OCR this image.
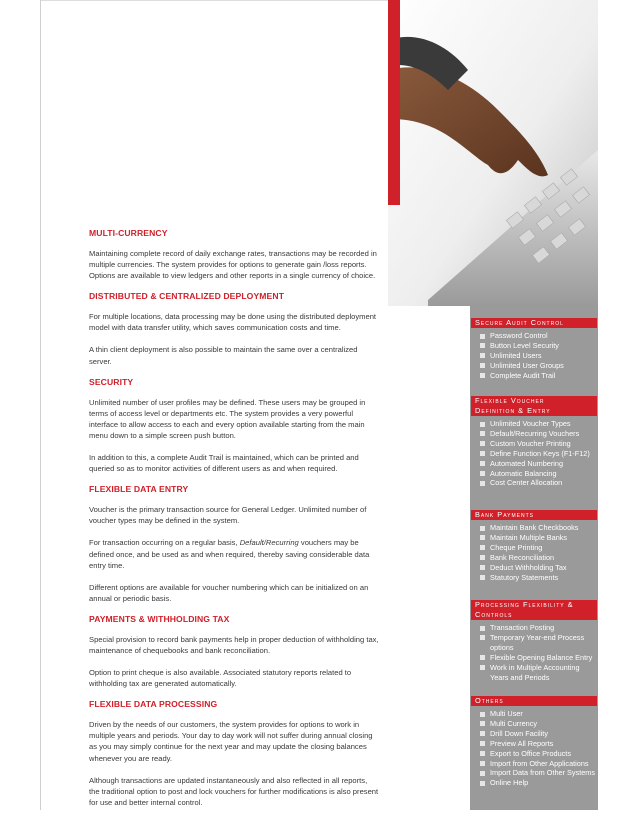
MULTI-CURRENCY

Maintaining complete record of daily exchange rates, transactions may be recorded in multiple currencies. The system provides for options to generate gain /loss reports. Options are available to view ledgers and other reports in a single currency of choice.

DISTRIBUTED & CENTRALIZED DEPLOYMENT

For multiple locations, data processing may be done using the distributed deployment model with data transfer utility, which saves communication costs and time.

A thin client deployment is also possible to maintain the same over a centralized server.

SECURITY

Unlimited number of user profiles may be defined. These users may be grouped in terms of access level or departments etc. The system provides a very powerful interface to allow access to each and every option available starting from the main menu down to a simple screen push button.

In addition to this, a complete Audit Trail is maintained, which can be printed and queried so as to monitor activities of different users as and when required.

FLEXIBLE DATA ENTRY

Voucher is the primary transaction source for General Ledger. Unlimited number of voucher types may be defined in the system.

For transaction occurring on a regular basis, Default/Recurring vouchers may be defined once, and be used as and when required, thereby saving considerable data entry time.

Different options are available for voucher numbering which can be initialized on an annual or periodic basis.

PAYMENTS & WITHHOLDING TAX

Special provision to record bank payments help in proper deduction of withholding tax, maintenance of chequebooks and bank reconciliation.

Option to print cheque is also available. Associated statutory reports related to withholding tax are generated automatically.

FLEXIBLE DATA PROCESSING

Driven by the needs of our customers, the system provides for options to work in multiple years and periods. Your day to day work will not suffer during annual closing as you may simply continue for the next year and may update the closing balances whenever you are ready.

Although transactions are updated instantaneously and also reflected in all reports, the traditional option to post and lock vouchers for further modifications is also present for use and better internal control.

Secure Audit Control
Password Control
Button Level Security
Unlimited Users
Unlimited User Groups
Complete Audit Trail
Flexible Voucher
Definition & Entry
Unlimited Voucher Types
Default/Recurring Vouchers
Custom Voucher Printing
Define Function Keys (F1-F12)
Automated Numbering
Automatic Balancing
Cost Center Allocation
Bank Payments
Maintain Bank Checkbooks
Maintain Multiple Banks
Cheque Printing
Bank Reconciliation
Deduct Withholding Tax
Statutory Statements
Processing Flexibility &
Controls
Transaction Posting
Temporary Year-end Process options
Flexible Opening Balance Entry
Work in Multiple Accounting Years and Periods
Others
Multi User
Multi Currency
Drill Down Facility
Preview All Reports
Export to Office Products
Import from Other Applications
Import Data from Other Systems
Online Help
